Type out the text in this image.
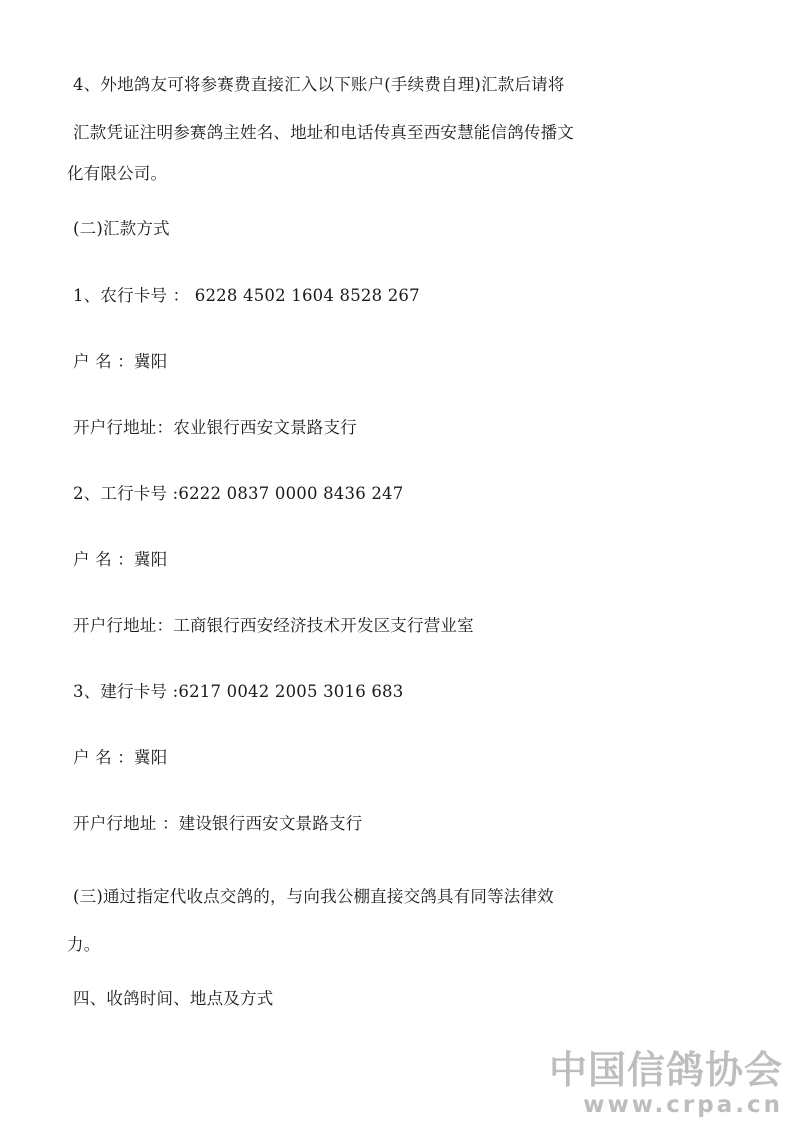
4、外地鸽友可将参赛费直接汇入以下账户(手续费自理)汇款后请将
汇款凭证注明参赛鸽主姓名、地址和电话传真至西安慧能信鸽传播文
化有限公司。
(二)汇款方式
1、农行卡号 ： 6228 4502 1604 8528 267
户 名 ：冀阳
开户行地址：农业银行西安文景路支行
2、工行卡号 :6222 0837 0000 8436 247
户 名 ：冀阳
开户行地址：工商银行西安经济技术开发区支行营业室
3、建行卡号 :6217 0042 2005 3016 683
户 名 ：冀阳
开户行地址 ：建设银行西安文景路支行
(三)通过指定代收点交鸽的，与向我公棚直接交鸽具有同等法律效
力。
四、收鸽时间、地点及方式
中国信鸽协会
www.crpa.cn
